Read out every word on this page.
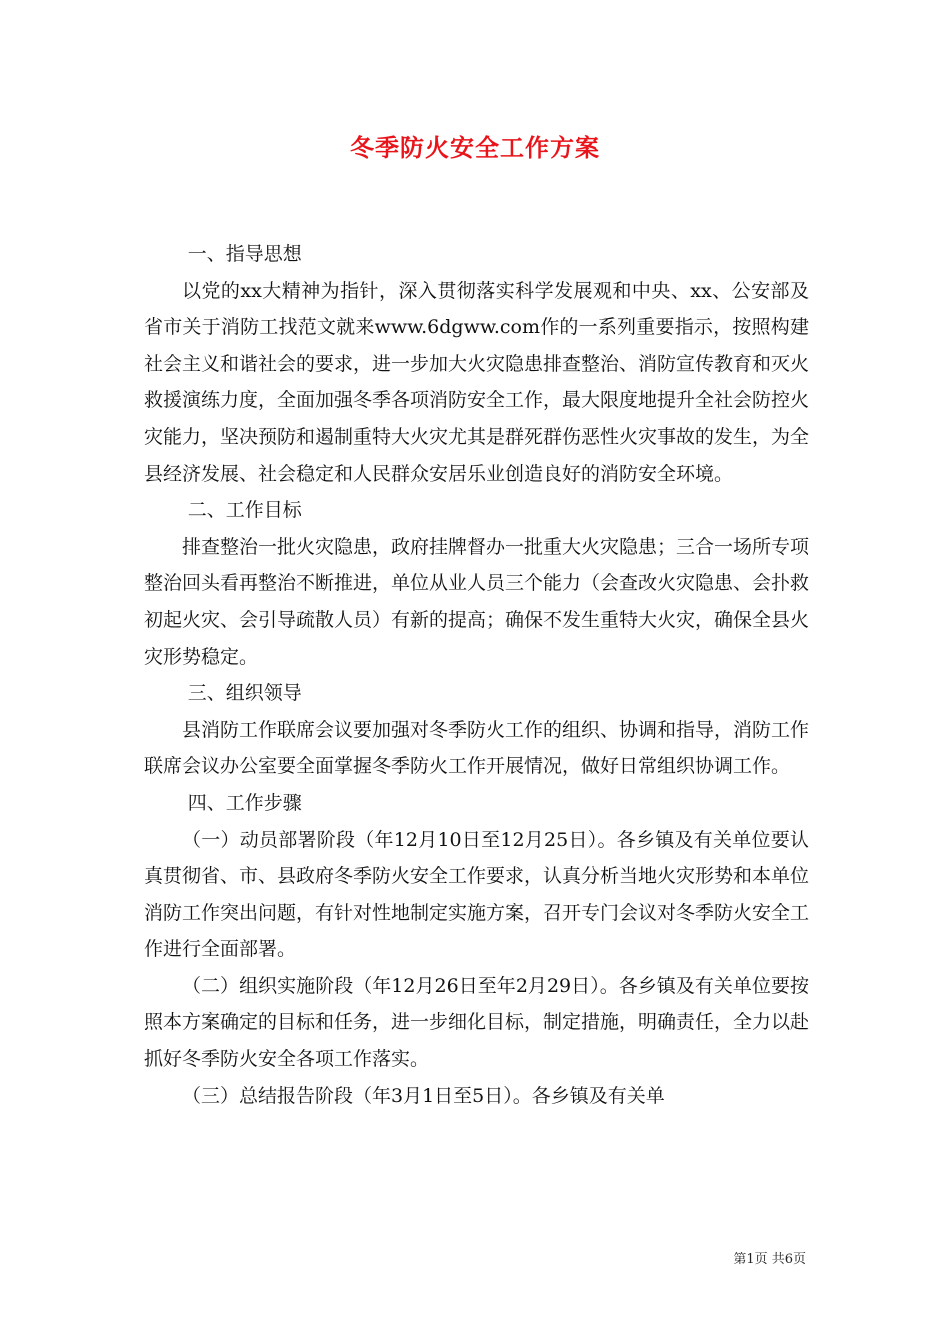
冬季防火安全工作方案

一、指导思想

以党的xx大精神为指针，深入贯彻落实科学发展观和中央、xx、公安部及省市关于消防工找范文就来www.6dgww.com作的一系列重要指示，按照构建社会主义和谐社会的要求，进一步加大火灾隐患排查整治、消防宣传教育和灭火救援演练力度，全面加强冬季各项消防安全工作，最大限度地提升全社会防控火灾能力，坚决预防和遏制重特大火灾尤其是群死群伤恶性火灾事故的发生，为全县经济发展、社会稳定和人民群众安居乐业创造良好的消防安全环境。

二、工作目标

排查整治一批火灾隐患，政府挂牌督办一批重大火灾隐患；三合一场所专项整治回头看再整治不断推进，单位从业人员三个能力（会查改火灾隐患、会扑救初起火灾、会引导疏散人员）有新的提高；确保不发生重特大火灾，确保全县火灾形势稳定。

三、组织领导

县消防工作联席会议要加强对冬季防火工作的组织、协调和指导，消防工作联席会议办公室要全面掌握冬季防火工作开展情况，做好日常组织协调工作。

四、工作步骤

（一）动员部署阶段（年12月10日至12月25日）。各乡镇及有关单位要认真贯彻省、市、县政府冬季防火安全工作要求，认真分析当地火灾形势和本单位消防工作突出问题，有针对性地制定实施方案，召开专门会议对冬季防火安全工作进行全面部署。

（二）组织实施阶段（年12月26日至年2月29日）。各乡镇及有关单位要按照本方案确定的目标和任务，进一步细化目标，制定措施，明确责任，全力以赴抓好冬季防火安全各项工作落实。

（三）总结报告阶段（年3月1日至5日）。各乡镇及有关单

第1页 共6页
